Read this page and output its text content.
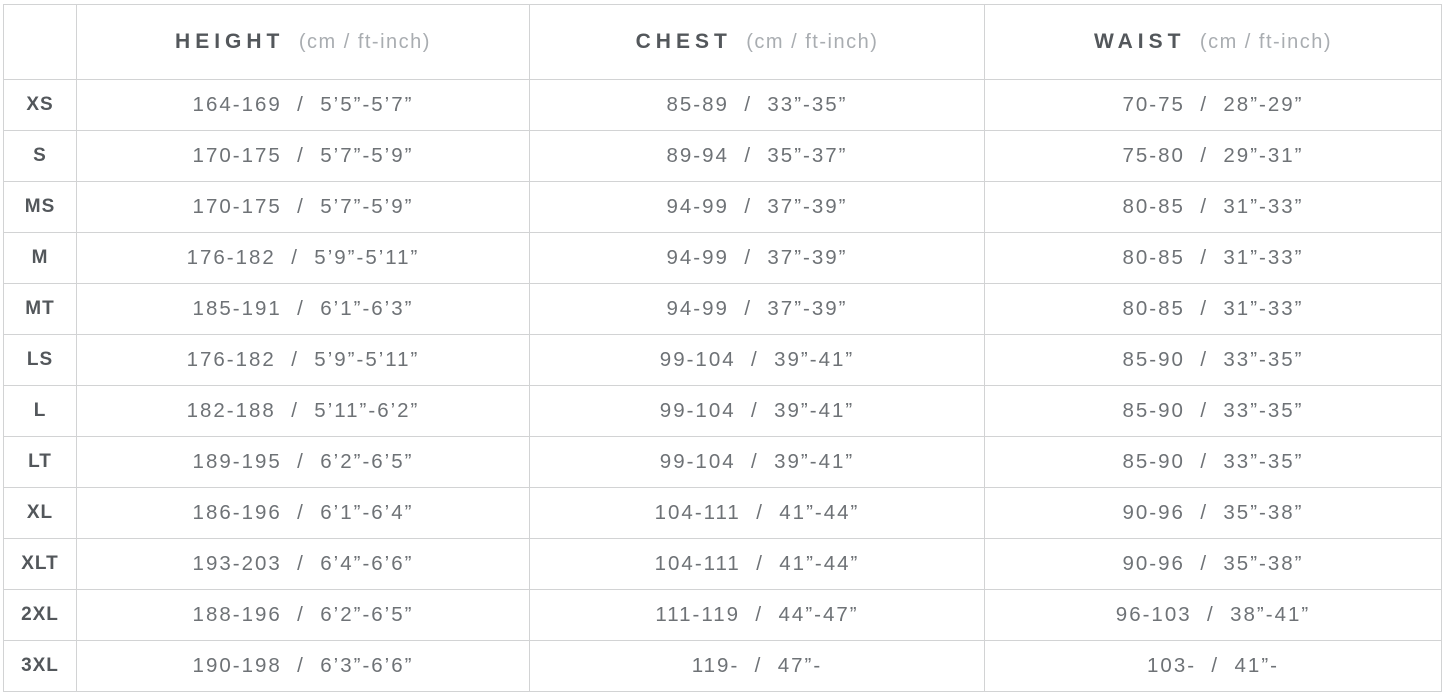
	HEIGHT (cm / ft-inch)	CHEST (cm / ft-inch)	WAIST (cm / ft-inch)
XS	164-169  /  5’5”-5’7”	85-89  /  33”-35”	70-75  /  28”-29”
S	170-175  /  5’7”-5’9”	89-94  /  35”-37”	75-80  /  29”-31”
MS	170-175  /  5’7”-5’9”	94-99  /  37”-39”	80-85  /  31”-33”
M	176-182  /  5’9”-5’11”	94-99  /  37”-39”	80-85  /  31”-33”
MT	185-191  /  6’1”-6’3”	94-99  /  37”-39”	80-85  /  31”-33”
LS	176-182  /  5’9”-5’11”	99-104  /  39”-41”	85-90  /  33”-35”
L	182-188  /  5’11”-6’2”	99-104  /  39”-41”	85-90  /  33”-35”
LT	189-195  /  6’2”-6’5”	99-104  /  39”-41”	85-90  /  33”-35”
XL	186-196  /  6’1”-6’4”	104-111  /  41”-44”	90-96  /  35”-38”
XLT	193-203  /  6’4”-6’6”	104-111  /  41”-44”	90-96  /  35”-38”
2XL	188-196  /  6’2”-6’5”	111-119  /  44”-47”	96-103  /  38”-41”
3XL	190-198  /  6’3”-6’6”	119-  /  47”-	103-  /  41”-
